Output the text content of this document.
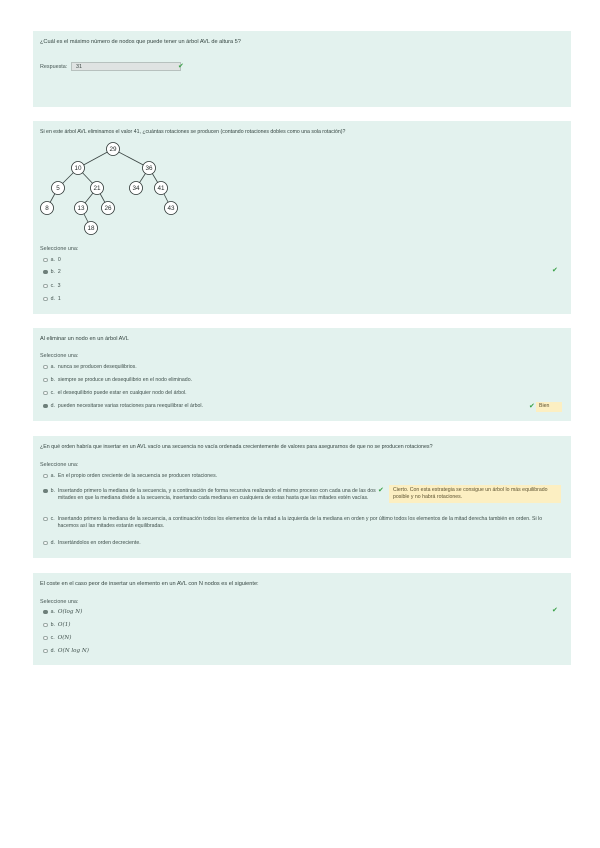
¿Cuál es el máximo número de nodos que puede tener un árbol AVL de altura 5?
Respuesta:	31	✔
Si en este árbol AVL eliminamos el valor 41, ¿cuántas rotaciones se producen (contando rotaciones dobles como una sola rotación)?
29
10	36
5	21	34	41
8	13	26	43
18
Seleccione una:
a. 0
b. 2
c. 3
d. 1
✔
Al eliminar un nodo en un árbol AVL
Seleccione una:
a. nunca se producen desequilibrios.
b. siempre se produce un desequilibrio en el nodo eliminado.
c. el desequilibrio puede estar en cualquier nodo del árbol.
d. pueden necesitarse varias rotaciones para reequilibrar el árbol.	✔ Bien
¿En qué orden habría que insertar en un AVL vacío una secuencia no vacía ordenada crecientemente de valores para asegurarnos de que no se producen rotaciones?
Seleccione una:
a. En el propio orden creciente de la secuencia se producen rotaciones.
b. Insertando primero la mediana de la secuencia, y a continuación de forma recursiva realizando el mismo proceso con cada una de las dos mitades en que la mediana divide a la secuencia, insertando cada mediana en cualquiera de estas hasta que las mitades estén vacías.
✔	Cierto. Con esta estrategia se consigue un árbol lo más equilibrado posible y no habrá rotaciones.
c. Insertando primero la mediana de la secuencia, a continuación todos los elementos de la mitad a la izquierda de la mediana en orden y por último todos los elementos de la mitad derecha también en orden. Si lo hacemos así las mitades estarán equilibradas.
d. Insertándolos en orden decreciente.
El coste en el caso peor de insertar un elemento en un AVL con N nodos es el siguiente:
Seleccione una:
a. O(log N)
b. O(1)
c. O(N)
d. O(N log N)
✔
